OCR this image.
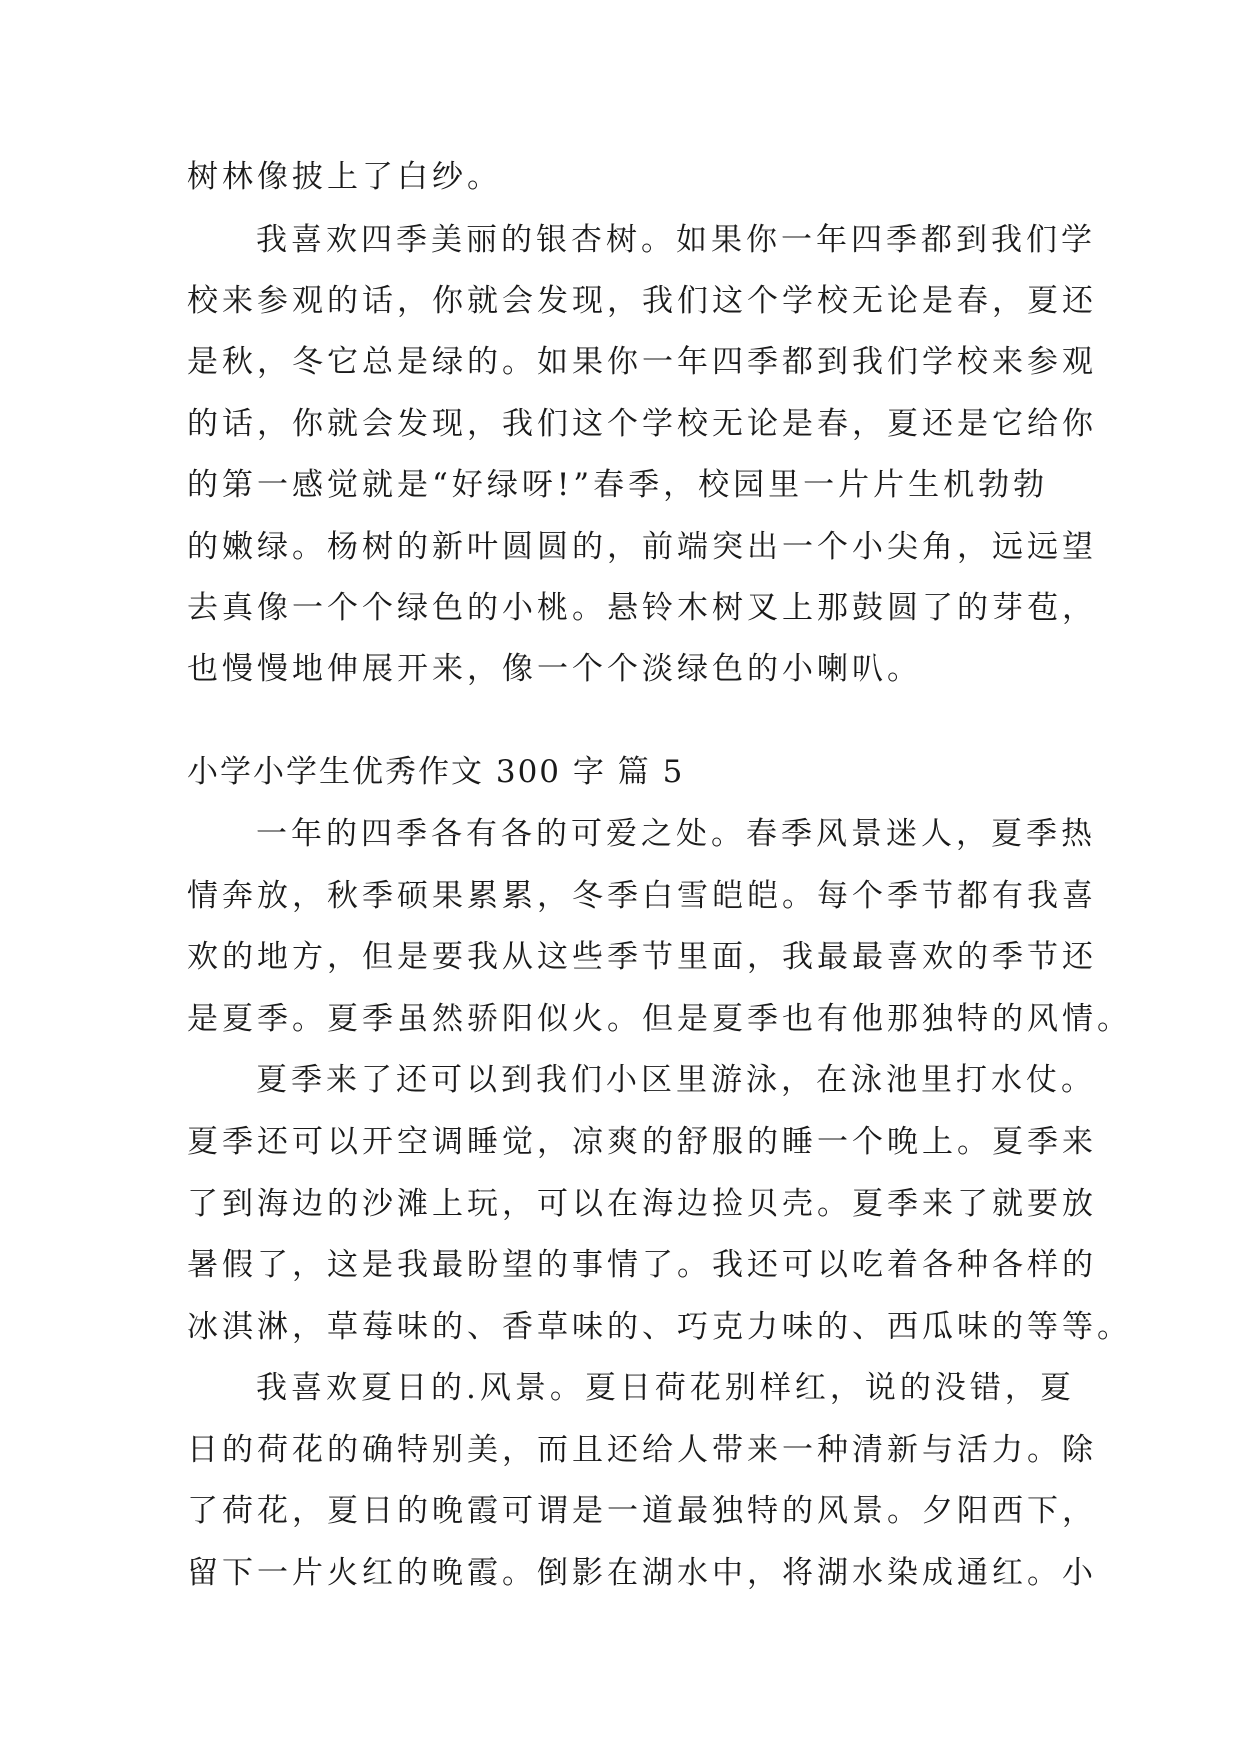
树林像披上了白纱。
我喜欢四季美丽的银杏树。如果你一年四季都到我们学
校来参观的话，你就会发现，我们这个学校无论是春，夏还
是秋，冬它总是绿的。如果你一年四季都到我们学校来参观
的话，你就会发现，我们这个学校无论是春，夏还是它给你
的第一感觉就是“好绿呀!”春季，校园里一片片生机勃勃
的嫩绿。杨树的新叶圆圆的，前端突出一个小尖角，远远望
去真像一个个绿色的小桃。悬铃木树叉上那鼓圆了的芽苞，
也慢慢地伸展开来，像一个个淡绿色的小喇叭。
小学小学生优秀作文 300 字 篇 5
一年的四季各有各的可爱之处。春季风景迷人，夏季热
情奔放，秋季硕果累累，冬季白雪皑皑。每个季节都有我喜
欢的地方，但是要我从这些季节里面，我最最喜欢的季节还
是夏季。夏季虽然骄阳似火。但是夏季也有他那独特的风情。
夏季来了还可以到我们小区里游泳，在泳池里打水仗。
夏季还可以开空调睡觉，凉爽的舒服的睡一个晚上。夏季来
了到海边的沙滩上玩，可以在海边捡贝壳。夏季来了就要放
暑假了，这是我最盼望的事情了。我还可以吃着各种各样的
冰淇淋，草莓味的、香草味的、巧克力味的、西瓜味的等等。
我喜欢夏日的.风景。夏日荷花别样红，说的没错，夏
日的荷花的确特别美，而且还给人带来一种清新与活力。除
了荷花，夏日的晚霞可谓是一道最独特的风景。夕阳西下，
留下一片火红的晚霞。倒影在湖水中，将湖水染成通红。小
